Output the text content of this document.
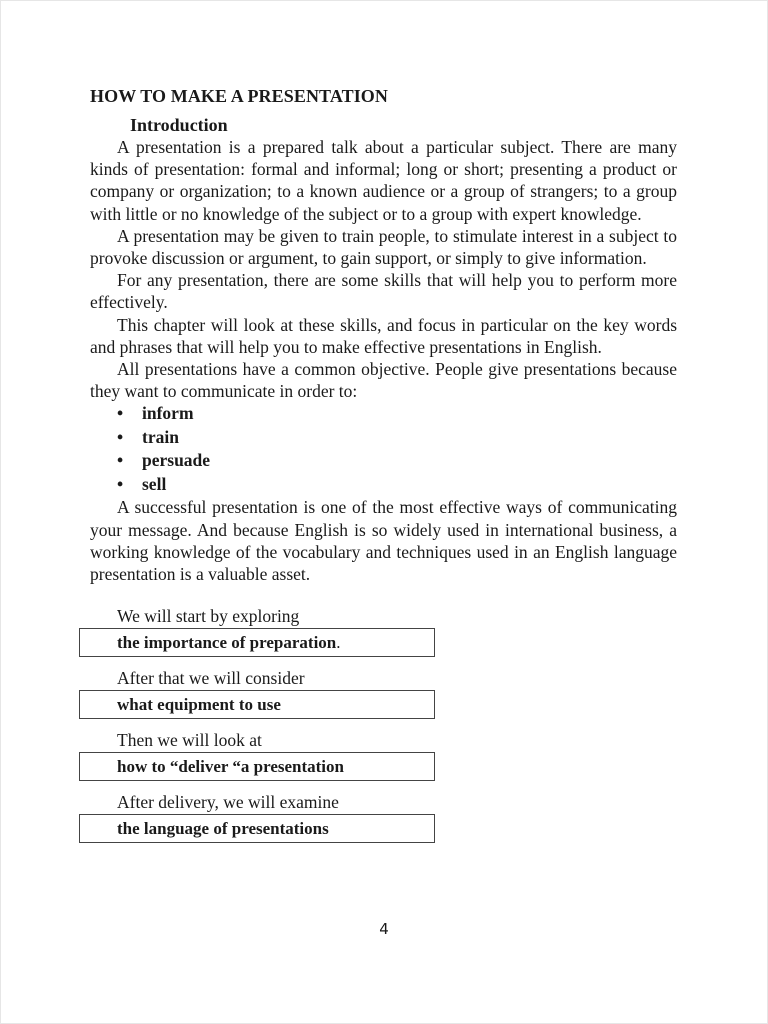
HOW TO MAKE A PRESENTATION
Introduction

A presentation is a prepared talk about a particular subject. There are many kinds of presentation: formal and informal; long or short; presenting a product or company or organization; to a known audience or a group of strangers; to a group with little or no knowledge of the subject or to a group with expert knowledge.

A presentation may be given to train people, to stimulate interest in a subject to provoke discussion or argument, to gain support, or simply to give information.

For any presentation, there are some skills that will help you to perform more effectively.

This chapter will look at these skills, and focus in particular on the key words and phrases that will help you to make effective presentations in English.

All presentations have a common objective. People give presentations because they want to communicate in order to:

• inform
• train
• persuade
• sell

A successful presentation is one of the most effective ways of communicating your message. And because English is so widely used in international business, a working knowledge of the vocabulary and techniques used in an English language presentation is a valuable asset.

We will start by exploring
the importance of preparation.
After that we will consider
what equipment to use
Then we will look at
how to “deliver “a presentation
After delivery, we will examine
the language of presentations
4
